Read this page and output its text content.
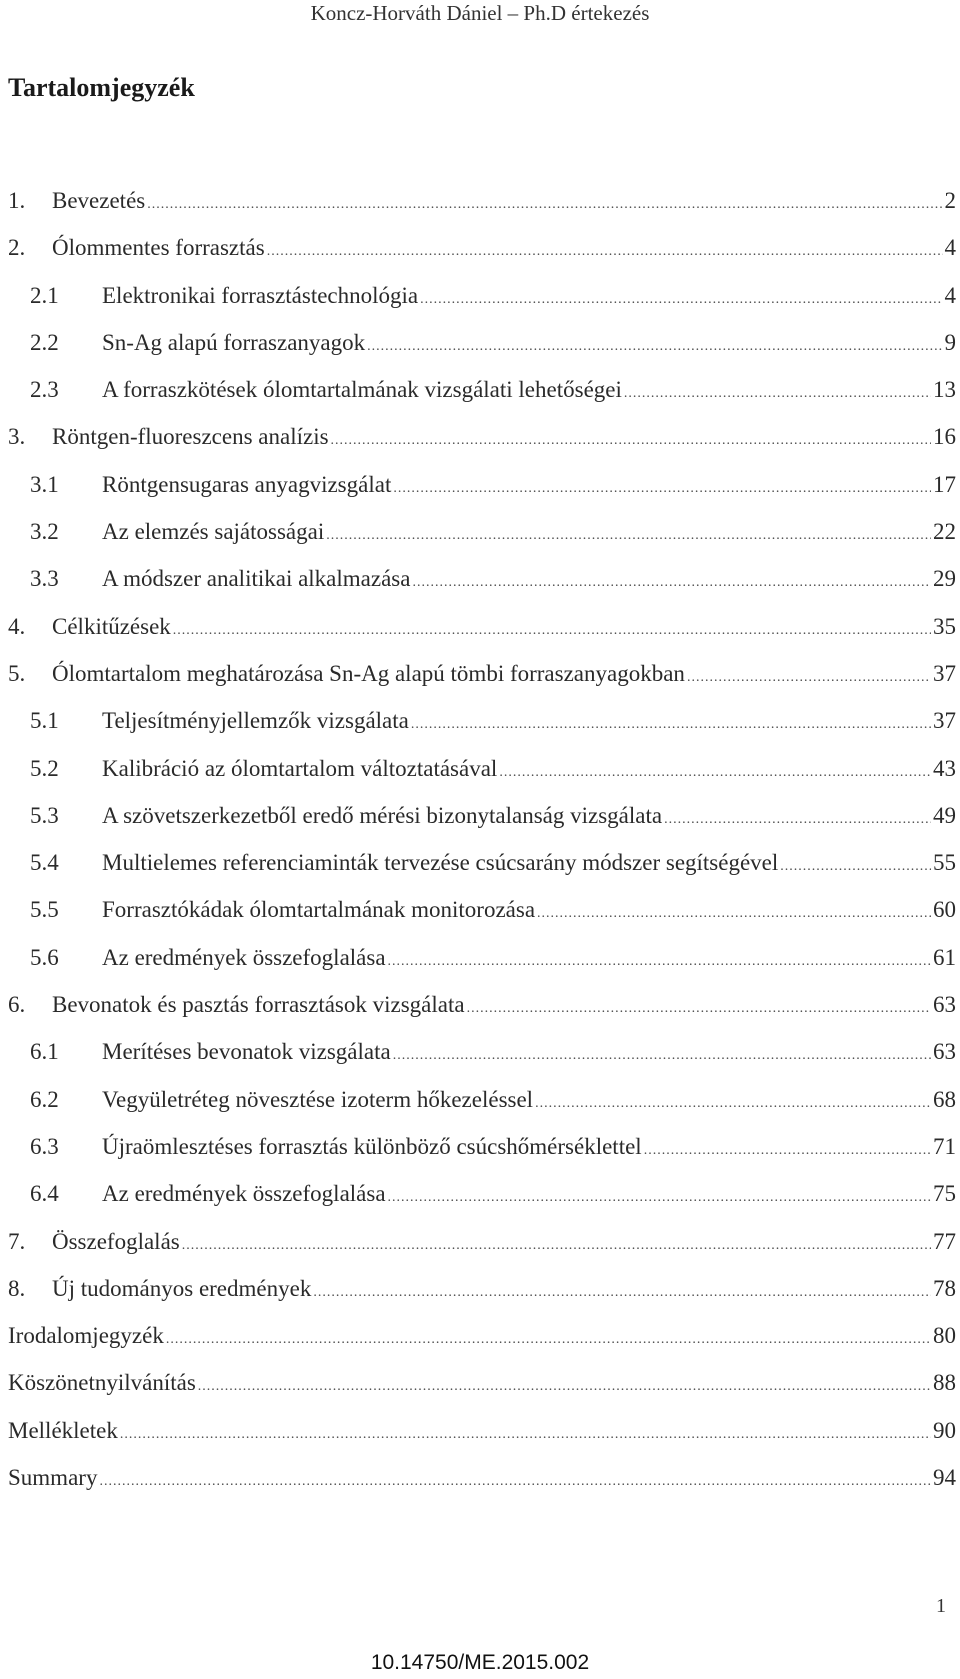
Koncz-Horváth Dániel – Ph.D értekezés
Tartalomjegyzék
1. Bevezetés .....	2
2. Ólommentes forrasztás .....	4
2.1 Elektronikai forrasztástechnológia .....	4
2.2 Sn-Ag alapú forraszanyagok .....	9
2.3 A forraszkötések ólomtartalmának vizsgálati lehetőségei .....	13
3. Röntgen-fluoreszcens analízis .....	16
3.1 Röntgensugaras anyagvizsgálat .....	17
3.2 Az elemzés sajátosságai .....	22
3.3 A módszer analitikai alkalmazása .....	29
4. Célkitűzések .....	35
5. Ólomtartalom meghatározása Sn-Ag alapú tömbi forraszanyagokban .....	37
5.1 Teljesítményjellemzők vizsgálata .....	37
5.2 Kalibráció az ólomtartalom változtatásával .....	43
5.3 A szövetszerkezetből eredő mérési bizonytalanság vizsgálata .....	49
5.4 Multielemes referenciaminták tervezése csúcsarány módszer segítségével .....	55
5.5 Forrasztókádak ólomtartalmának monitorozása .....	60
5.6 Az eredmények összefoglalása .....	61
6. Bevonatok és pasztás forrasztások vizsgálata .....	63
6.1 Merítéses bevonatok vizsgálata .....	63
6.2 Vegyületréteg növesztése izoterm hőkezeléssel .....	68
6.3 Újraömlesztéses forrasztás különböző csúcshőmérséklettel .....	71
6.4 Az eredmények összefoglalása .....	75
7. Összefoglalás .....	77
8. Új tudományos eredmények .....	78
Irodalomjegyzék .....	80
Köszönetnyilvánítás .....	88
Mellékletek .....	90
Summary .....	94
1
10.14750/ME.2015.002
